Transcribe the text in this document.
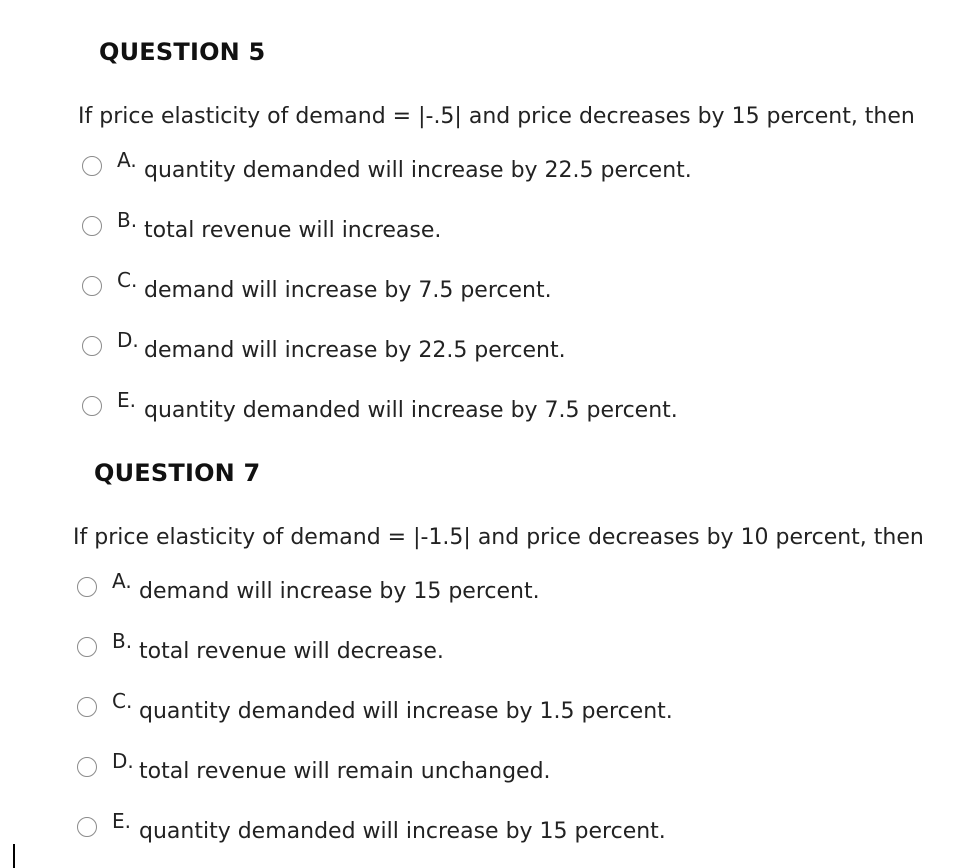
QUESTION 5
If price elasticity of demand = |-.5| and price decreases by 15 percent, then
A. quantity demanded will increase by 22.5 percent.
B. total revenue will increase.
C. demand will increase by 7.5 percent.
D. demand will increase by 22.5 percent.
E. quantity demanded will increase by 7.5 percent.
QUESTION 7
If price elasticity of demand = |-1.5| and price decreases by 10 percent, then
A. demand will increase by 15 percent.
B. total revenue will decrease.
C. quantity demanded will increase by 1.5 percent.
D. total revenue will remain unchanged.
E. quantity demanded will increase by 15 percent.
